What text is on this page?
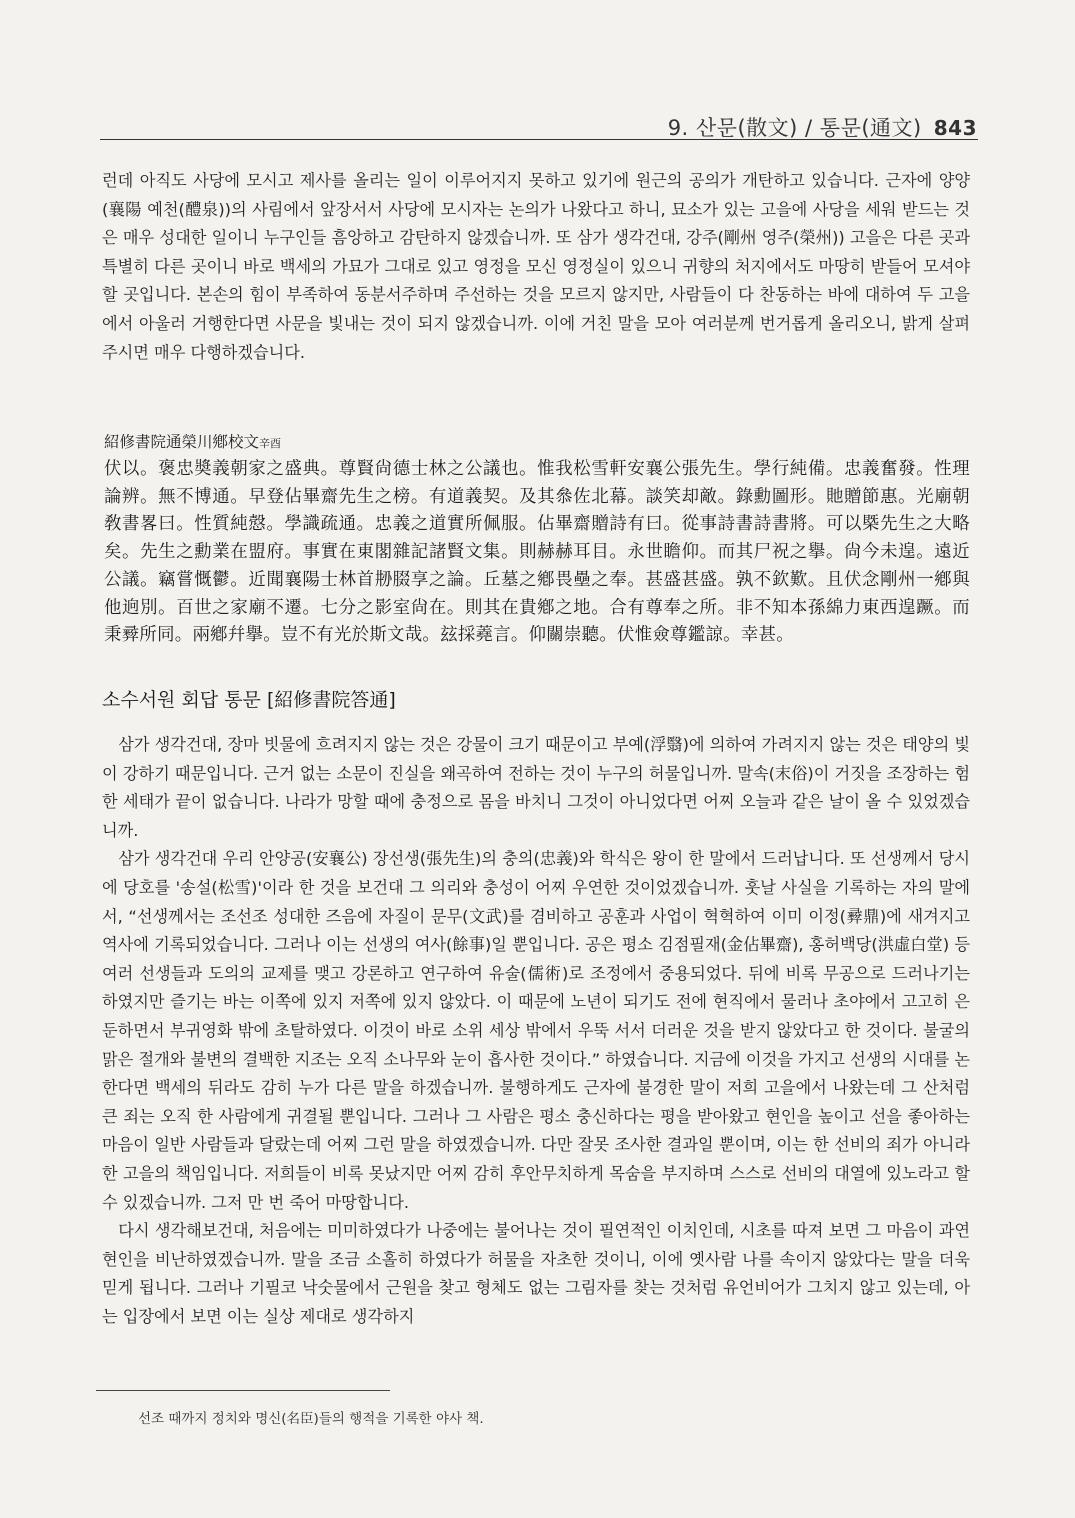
9. 산문(散文) / 통문(通文) 843

런데 아직도 사당에 모시고 제사를 올리는 일이 이루어지지 못하고 있기에 원근의 공의가 개탄하고 있습니다. 근자에 양양(襄陽 예천(醴泉))의 사림에서 앞장서서 사당에 모시자는 논의가 나왔다고 하니, 묘소가 있는 고을에 사당을 세워 받드는 것은 매우 성대한 일이니 누구인들 흠앙하고 감탄하지 않겠습니까. 또 삼가 생각건대, 강주(剛州 영주(榮州)) 고을은 다른 곳과 특별히 다른 곳이니 바로 백세의 가묘가 그대로 있고 영정을 모신 영정실이 있으니 귀향의 처지에서도 마땅히 받들어 모셔야 할 곳입니다. 본손의 힘이 부족하여 동분서주하며 주선하는 것을 모르지 않지만, 사람들이 다 찬동하는 바에 대하여 두 고을에서 아울러 거행한다면 사문을 빛내는 것이 되지 않겠습니까. 이에 거친 말을 모아 여러분께 번거롭게 올리오니, 밝게 살펴주시면 매우 다행하겠습니다.

紹修書院通榮川鄕校文辛酉

伏以。褒忠奬義朝家之盛典。尊賢尙德士林之公議也。惟我松雪軒安襄公張先生。學行純備。忠義奮發。性理論辨。無不博通。早登佔畢齋先生之榜。有道義契。及其叅佐北幕。談笑却敵。錄勳圖形。貤贈節惠。光廟朝敎書畧曰。性質純慤。學識疏通。忠義之道實所佩服。佔畢齋贈詩有曰。從事詩書詩書將。可以槩先生之大略矣。先生之勳業在盟府。事實在東閣雜記諸賢文集。則赫赫耳目。永世瞻仰。而其尸祝之擧。尙今未遑。遠近公議。竊嘗慨鬱。近聞襄陽士林首刱腏享之論。丘墓之鄕畏壘之奉。甚盛甚盛。孰不欽歎。且伏念剛州一鄕與他逈別。百世之家廟不遷。七分之影室尙在。則其在貴鄕之地。合有尊奉之所。非不知本孫綿力東西遑蹶。而秉彛所同。兩鄕幷擧。豈不有光於斯文哉。玆採蕘言。仰關崇聽。伏惟僉尊鑑諒。幸甚。

소수서원 회답 통문 [紹修書院答通]

삼가 생각건대, 장마 빗물에 흐려지지 않는 것은 강물이 크기 때문이고 부예(浮翳)에 의하여 가려지지 않는 것은 태양의 빛이 강하기 때문입니다. 근거 없는 소문이 진실을 왜곡하여 전하는 것이 누구의 허물입니까. 말속(末俗)이 거짓을 조장하는 험한 세태가 끝이 없습니다. 나라가 망할 때에 충정으로 몸을 바치니 그것이 아니었다면 어찌 오늘과 같은 날이 올 수 있었겠습니까.

삼가 생각건대 우리 안양공(安襄公) 장선생(張先生)의 충의(忠義)와 학식은 왕이 한 말에서 드러납니다. 또 선생께서 당시에 당호를 '송설(松雪)'이라 한 것을 보건대 그 의리와 충성이 어찌 우연한 것이었겠습니까. 훗날 사실을 기록하는 자의 말에서, “선생께서는 조선조 성대한 즈음에 자질이 문무(文武)를 겸비하고 공훈과 사업이 혁혁하여 이미 이정(彛鼎)에 새겨지고 역사에 기록되었습니다. 그러나 이는 선생의 여사(餘事)일 뿐입니다. 공은 평소 김점필재(金佔畢齋), 홍허백당(洪虛白堂) 등 여러 선생들과 도의의 교제를 맺고 강론하고 연구하여 유술(儒術)로 조정에서 중용되었다. 뒤에 비록 무공으로 드러나기는 하였지만 즐기는 바는 이쪽에 있지 저쪽에 있지 않았다. 이 때문에 노년이 되기도 전에 현직에서 물러나 초야에서 고고히 은둔하면서 부귀영화 밖에 초탈하였다. 이것이 바로 소위 세상 밖에서 우뚝 서서 더러운 것을 받지 않았다고 한 것이다. 불굴의 맑은 절개와 불변의 결백한 지조는 오직 소나무와 눈이 흡사한 것이다.” 하였습니다. 지금에 이것을 가지고 선생의 시대를 논한다면 백세의 뒤라도 감히 누가 다른 말을 하겠습니까. 불행하게도 근자에 불경한 말이 저희 고을에서 나왔는데 그 산처럼 큰 죄는 오직 한 사람에게 귀결될 뿐입니다. 그러나 그 사람은 평소 충신하다는 평을 받아왔고 현인을 높이고 선을 좋아하는 마음이 일반 사람들과 달랐는데 어찌 그런 말을 하였겠습니까. 다만 잘못 조사한 결과일 뿐이며, 이는 한 선비의 죄가 아니라 한 고을의 책임입니다. 저희들이 비록 못났지만 어찌 감히 후안무치하게 목숨을 부지하며 스스로 선비의 대열에 있노라고 할 수 있겠습니까. 그저 만 번 죽어 마땅합니다.

다시 생각해보건대, 처음에는 미미하였다가 나중에는 불어나는 것이 필연적인 이치인데, 시초를 따져 보면 그 마음이 과연 현인을 비난하였겠습니까. 말을 조금 소홀히 하였다가 허물을 자초한 것이니, 이에 옛사람 나를 속이지 않았다는 말을 더욱 믿게 됩니다. 그러나 기필코 낙숫물에서 근원을 찾고 형체도 없는 그림자를 찾는 것처럼 유언비어가 그치지 않고 있는데, 아는 입장에서 보면 이는 실상 제대로 생각하지

선조 때까지 정치와 명신(名臣)들의 행적을 기록한 야사 책.
